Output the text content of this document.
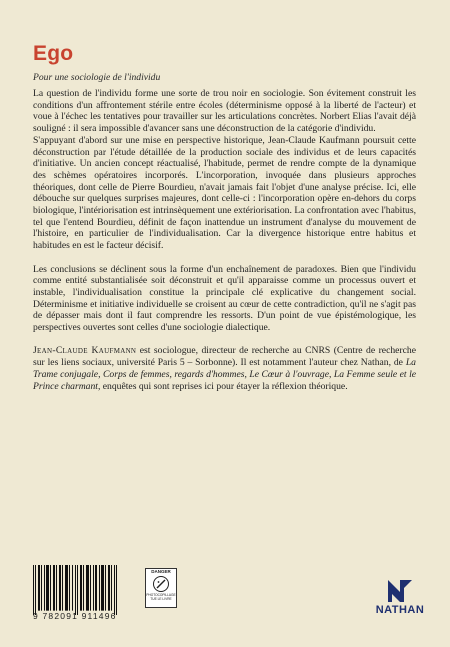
Ego
Pour une sociologie de l'individu

La question de l'individu forme une sorte de trou noir en sociologie. Son évitement construit les conditions d'un affrontement stérile entre écoles (déterminisme opposé à la liberté de l'acteur) et voue à l'échec les tentatives pour travailler sur les articulations concrètes. Norbert Elias l'avait déjà souligné : il sera impossible d'avancer sans une déconstruction de la catégorie d'individu.

S'appuyant d'abord sur une mise en perspective historique, Jean-Claude Kaufmann poursuit cette déconstruction par l'étude détaillée de la production sociale des individus et de leurs capacités d'initiative. Un ancien concept réactualisé, l'habitude, permet de rendre compte de la dynamique des schèmes opératoires incorporés. L'incorporation, invoquée dans plusieurs approches théoriques, dont celle de Pierre Bourdieu, n'avait jamais fait l'objet d'une analyse précise. Ici, elle débouche sur quelques surprises majeures, dont celle-ci : l'incorporation opère en-dehors du corps biologique, l'intériorisation est intrinsèquement une extériorisation. La confrontation avec l'habitus, tel que l'entend Bourdieu, définit de façon inattendue un instrument d'analyse du mouvement de l'histoire, en particulier de l'individualisation. Car la divergence historique entre habitus et habitudes en est le facteur décisif.

Les conclusions se déclinent sous la forme d'un enchaînement de paradoxes. Bien que l'individu comme entité substantialisée soit déconstruit et qu'il apparaisse comme un processus ouvert et instable, l'individualisation constitue la principale clé explicative du changement social. Déterminisme et initiative individuelle se croisent au cœur de cette contradiction, qu'il ne s'agit pas de dépasser mais dont il faut comprendre les ressorts. D'un point de vue épistémologique, les perspectives ouvertes sont celles d'une sociologie dialectique.

Jean-Claude Kaufmann est sociologue, directeur de recherche au CNRS (Centre de recherche sur les liens sociaux, université Paris 5 – Sorbonne). Il est notamment l'auteur chez Nathan, de La Trame conjugale, Corps de femmes, regards d'hommes, Le Cœur à l'ouvrage, La Femme seule et le Prince charmant, enquêtes qui sont reprises ici pour étayer la réflexion théorique.

9 782091 911496
DANGER
PHOTOCOPILLAGE TUE LE LIVRE
NATHAN
